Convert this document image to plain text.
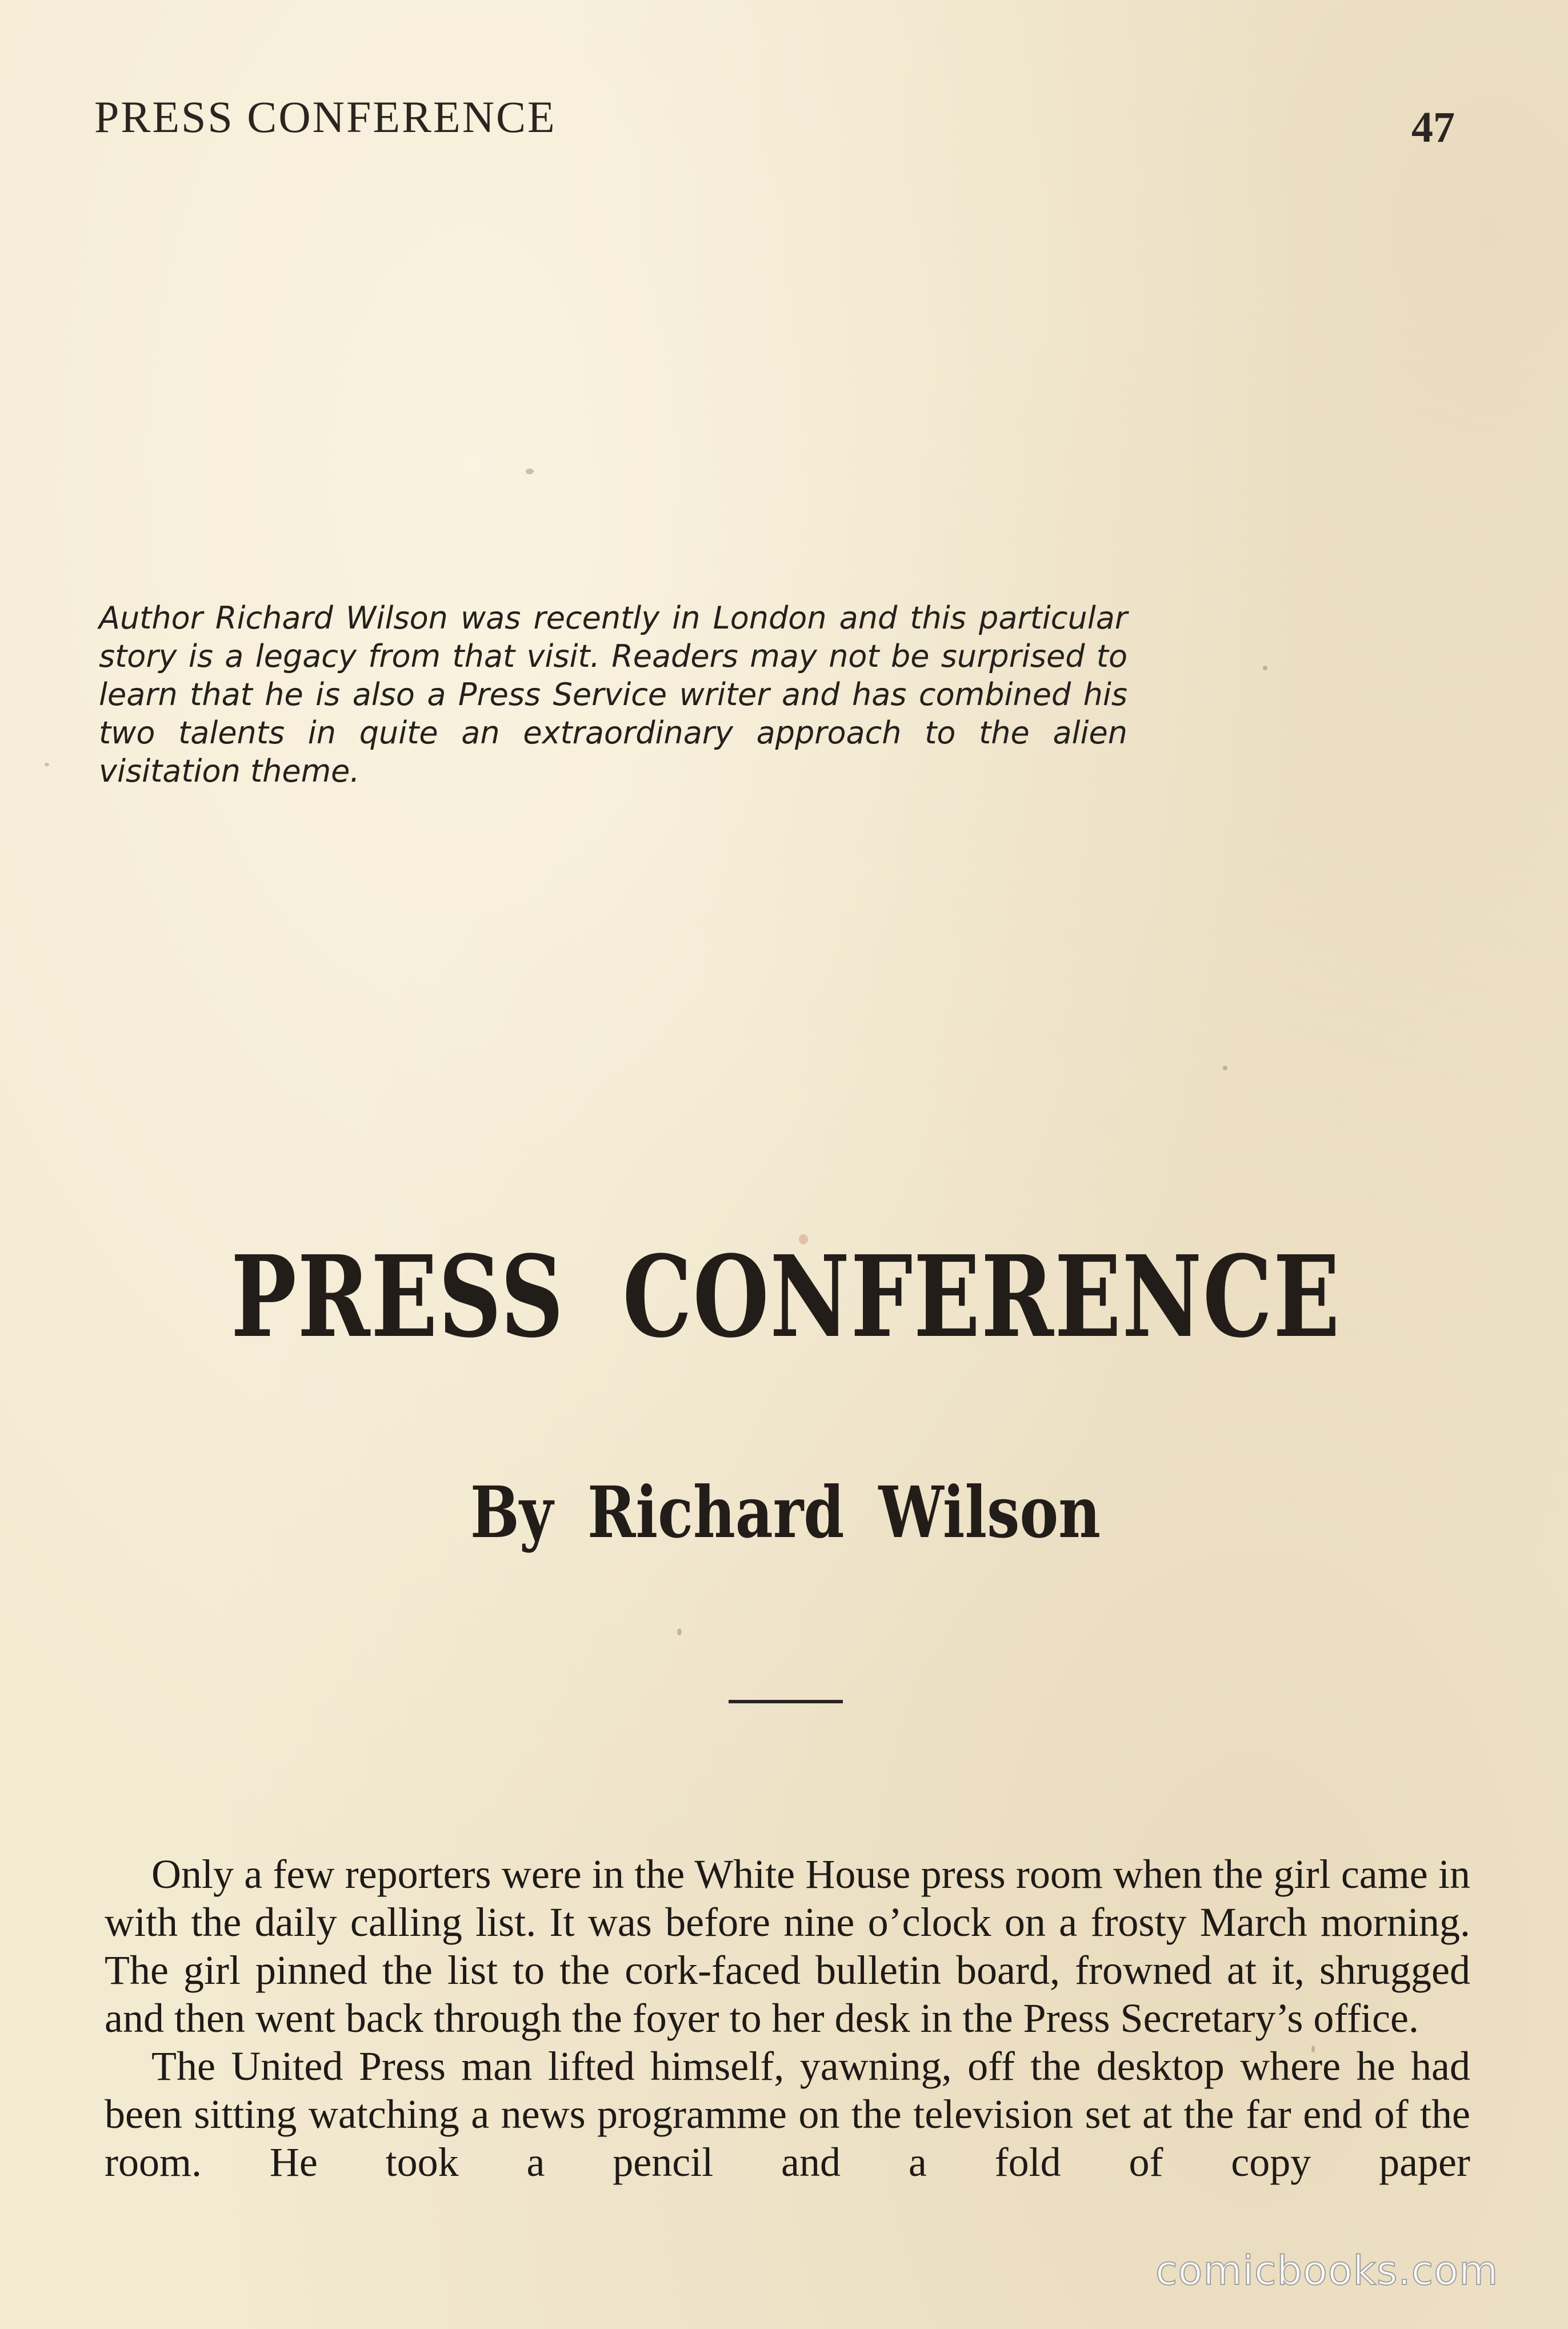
PRESS CONFERENCE	47
Author Richard Wilson was recently in London and this particular story is a legacy from that visit. Readers may not be surprised to learn that he is also a Press Service writer and has combined his two talents in quite an extraordinary approach to the alien visitation theme.
PRESS CONFERENCE
By Richard Wilson

Only a few reporters were in the White House press room when the girl came in with the daily calling list. It was before nine o’clock on a frosty March morning. The girl pinned the list to the cork-faced bulletin board, frowned at it, shrugged and then went back through the foyer to her desk in the Press Secretary’s office.

The United Press man lifted himself, yawning, off the desktop where he had been sitting watching a news programme on the television set at the far end of the room. He took a pencil and a fold of copy paper

comicbooks.com
